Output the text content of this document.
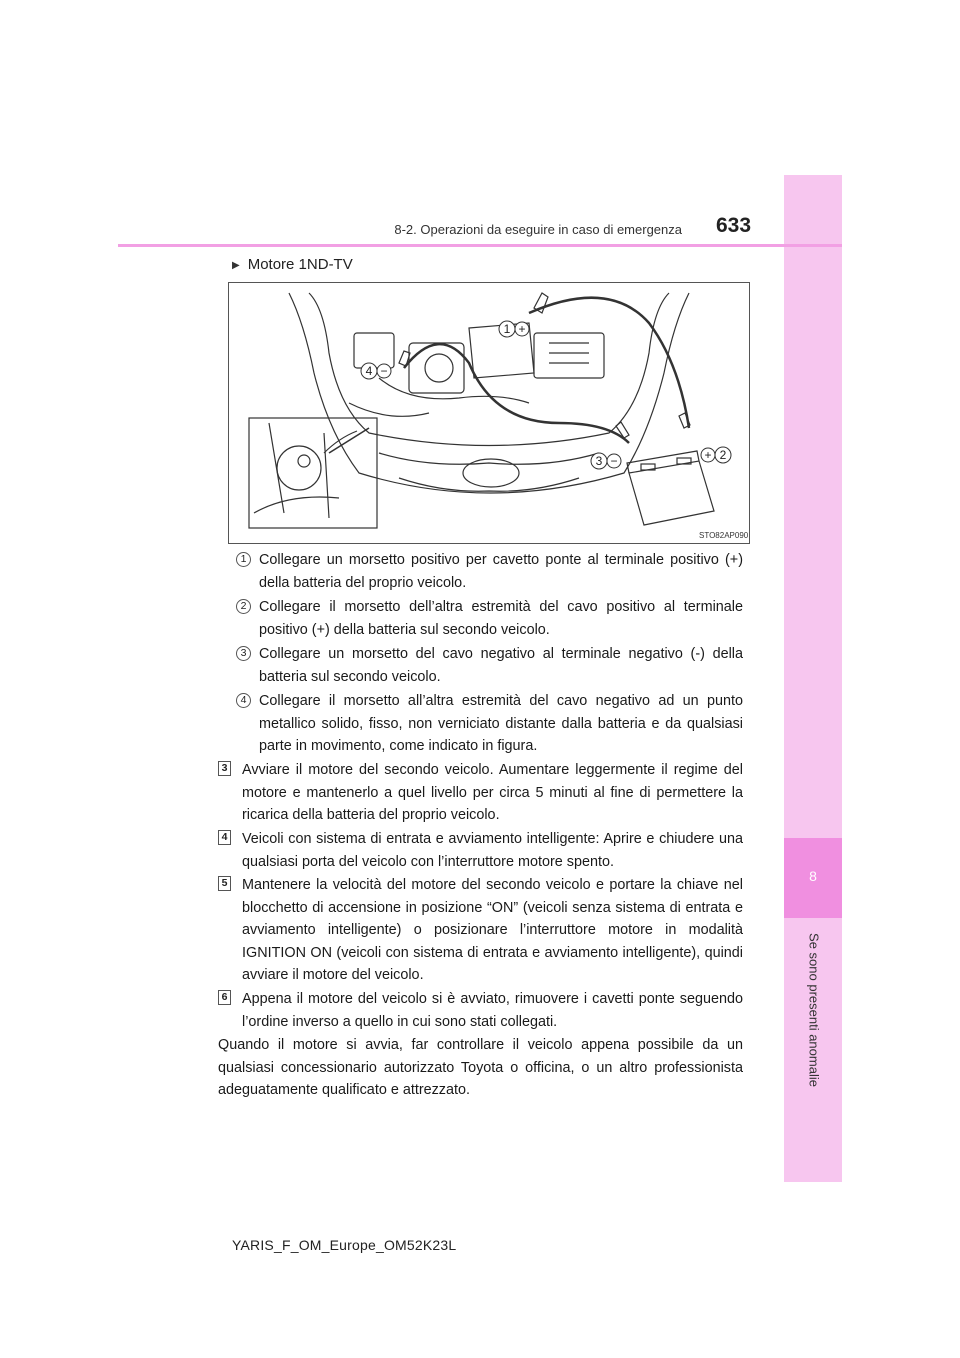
8
Se sono presenti anomalie
8-2. Operazioni da eseguire in caso di emergenza 633
▶ Motore 1ND-TV
STO82AP090
1 +
2
+
3 −
4 −
1 Collegare un morsetto positivo per cavetto ponte al terminale positivo (+) della batteria del proprio veicolo.
2 Collegare il morsetto dell’altra estremità del cavo positivo al terminale positivo (+) della batteria sul secondo veicolo.
3 Collegare un morsetto del cavo negativo al terminale negativo (-) della batteria sul secondo veicolo.
4 Collegare il morsetto all’altra estremità del cavo negativo ad un punto metallico solido, fisso, non verniciato distante dalla batteria e da qualsiasi parte in movimento, come indicato in figura.
3 Avviare il motore del secondo veicolo. Aumentare leggermente il regime del motore e mantenerlo a quel livello per circa 5 minuti al fine di permettere la ricarica della batteria del proprio veicolo.
4 Veicoli con sistema di entrata e avviamento intelligente: Aprire e chiudere una qualsiasi porta del veicolo con l’interruttore motore spento.
5 Mantenere la velocità del motore del secondo veicolo e portare la chiave nel blocchetto di accensione in posizione “ON” (veicoli senza sistema di entrata e avviamento intelligente) o posizionare l’interruttore motore in modalità IGNITION ON (veicoli con sistema di entrata e avviamento intelligente), quindi avviare il motore del veicolo.
6 Appena il motore del veicolo si è avviato, rimuovere i cavetti ponte seguendo l’ordine inverso a quello in cui sono stati collegati.
Quando il motore si avvia, far controllare il veicolo appena possibile da un qualsiasi concessionario autorizzato Toyota o officina, o un altro professionista adeguatamente qualificato e attrezzato.
YARIS_F_OM_Europe_OM52K23L
